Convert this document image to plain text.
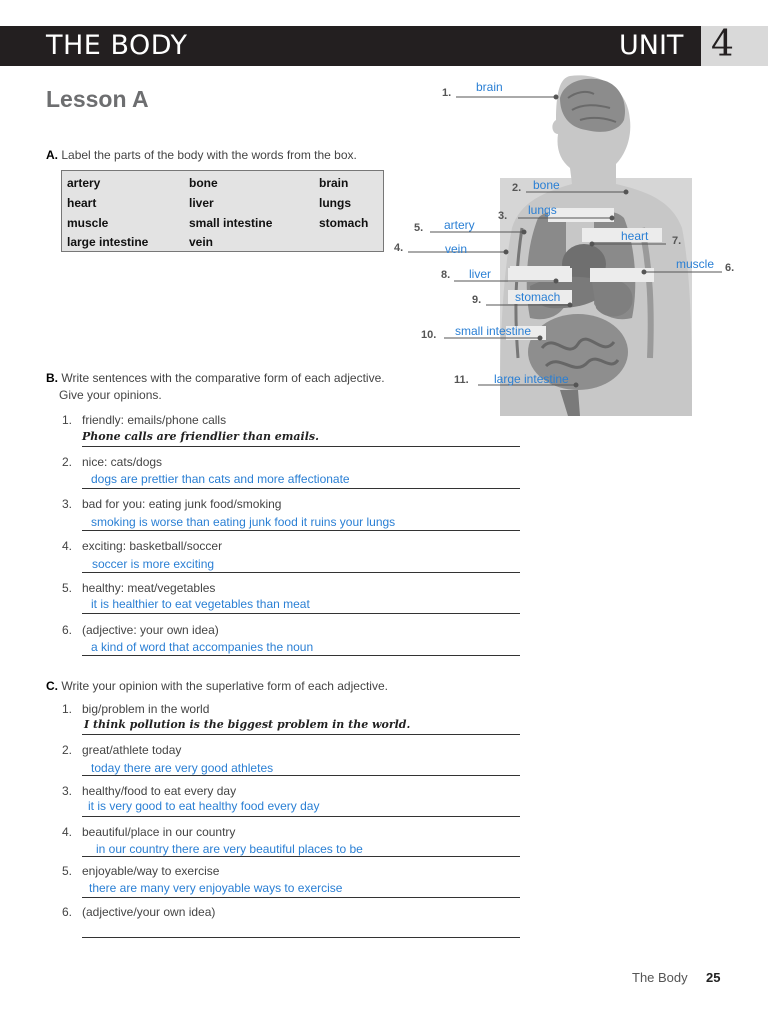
THE BODY	UNIT 4
Lesson A
A. Label the parts of the body with the words from the box.
artery	bone	brain
heart	liver	lungs
muscle	small intestine	stomach
large intestine	vein
1.
2.
3.
4.
5.
6.
7.
8.
9.
10.
11.
brain
bone
lungs
vein
artery
muscle
heart
liver
stomach
small intestine
large intestine
B. Write sentences with the comparative form of each adjective.
Give your opinions.
1. friendly: emails/phone calls
Phone calls are friendlier than emails.
2. nice: cats/dogs
dogs are prettier than cats and more affectionate
3. bad for you: eating junk food/smoking
smoking is worse than eating junk food it ruins your lungs
4. exciting: basketball/soccer
soccer is more exciting
5. healthy: meat/vegetables
it is healthier to eat vegetables than meat
6. (adjective: your own idea)
a kind of word that accompanies the noun
C. Write your opinion with the superlative form of each adjective.
1. big/problem in the world
I think pollution is the biggest problem in the world.
2. great/athlete today
today there are very good athletes
3. healthy/food to eat every day
it is very good to eat healthy food every day
4. beautiful/place in our country
in our country there are very beautiful places to be
5. enjoyable/way to exercise
there are many very enjoyable ways to exercise
6. (adjective/your own idea)
The Body 25
